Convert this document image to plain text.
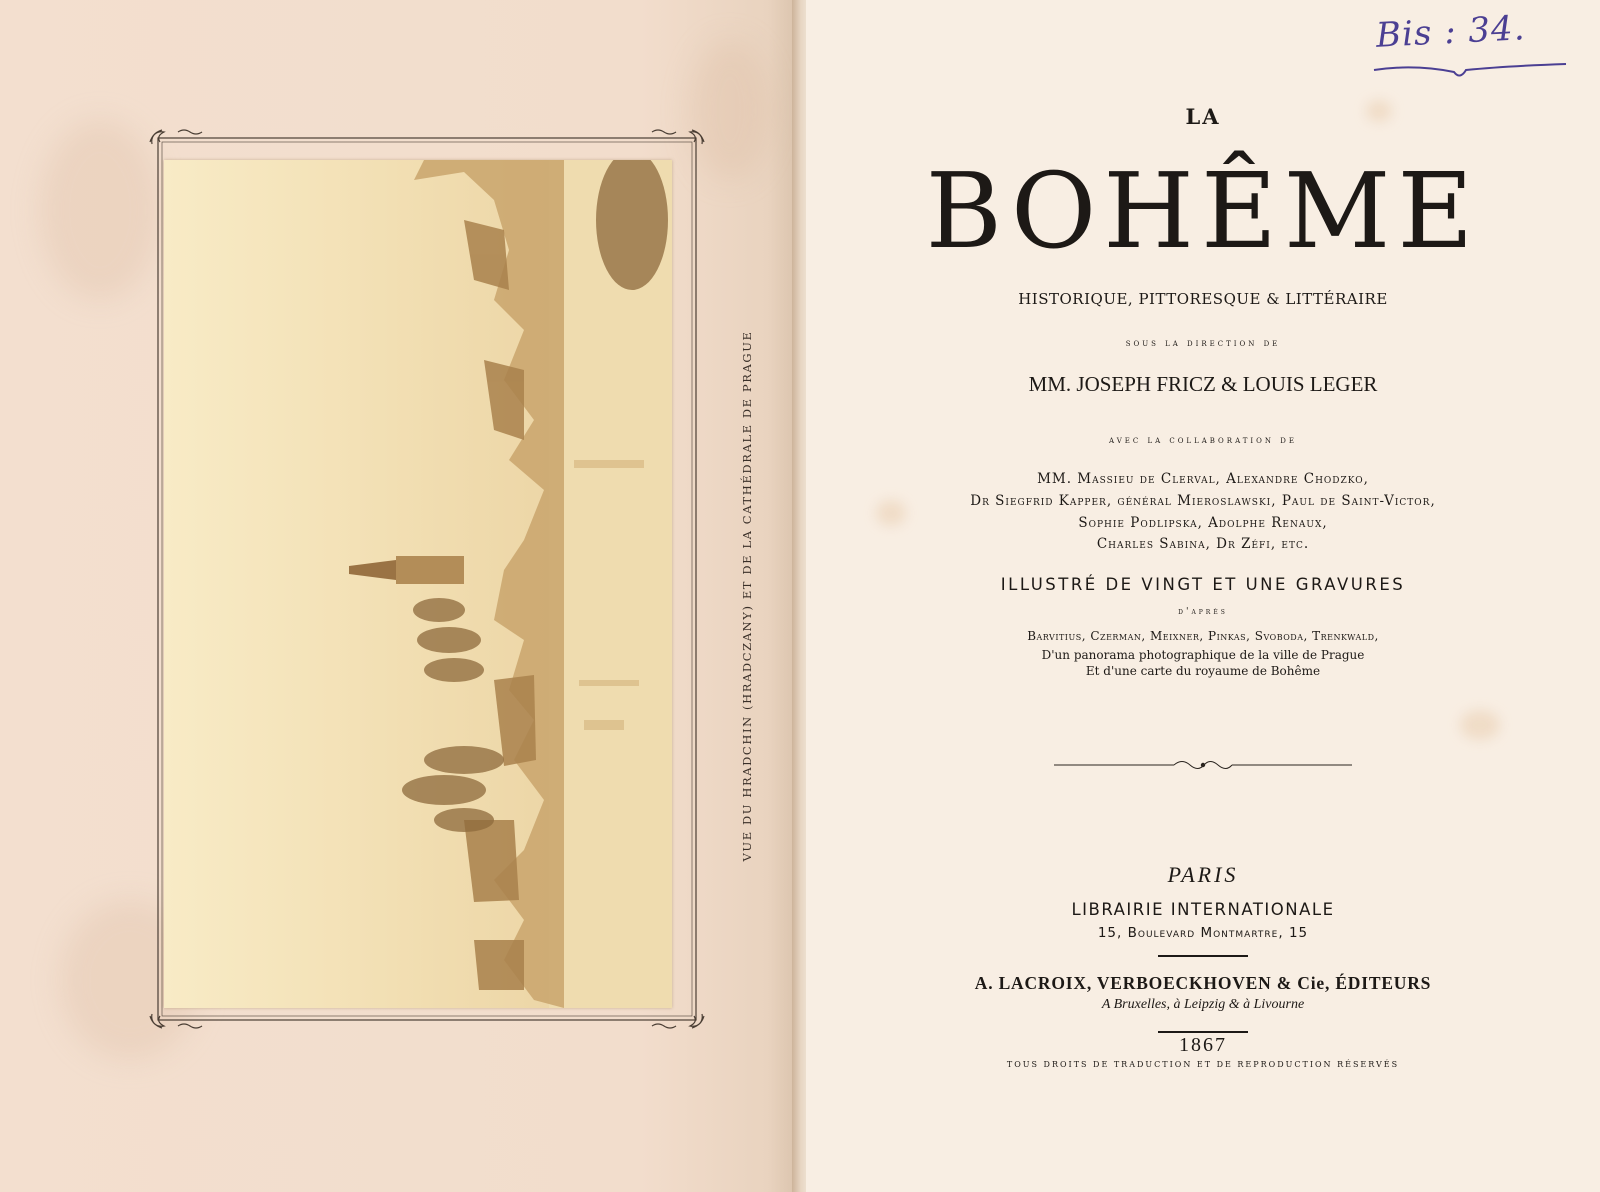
VUE DU HRADCHIN (HRADCZANY) ET DE LA CATHÉDRALE DE PRAGUE
LA
BOHÊME
HISTORIQUE, PITTORESQUE & LITTÉRAIRE
sous la direction de
MM. JOSEPH FRICZ & LOUIS LEGER
avec la collaboration de
MM. Massieu de Clerval, Alexandre Chodzko,
Dr Siegfrid Kapper, général Mieroslawski, Paul de Saint-Victor,
Sophie Podlipska, Adolphe Renaux,
Charles Sabina, Dr Zéfi, etc.
ILLUSTRÉ DE VINGT ET UNE GRAVURES
d'après
Barvitius, Czerman, Meixner, Pinkas, Svoboda, Trenkwald,
D'un panorama photographique de la ville de Prague
Et d'une carte du royaume de Bohême
PARIS
LIBRAIRIE INTERNATIONALE
15, Boulevard Montmartre, 15
A. LACROIX, VERBOECKHOVEN & Cie, ÉDITEURS
A Bruxelles, à Leipzig & à Livourne
1867
TOUS DROITS DE TRADUCTION ET DE REPRODUCTION RÉSERVÉS
Bis : 34.
